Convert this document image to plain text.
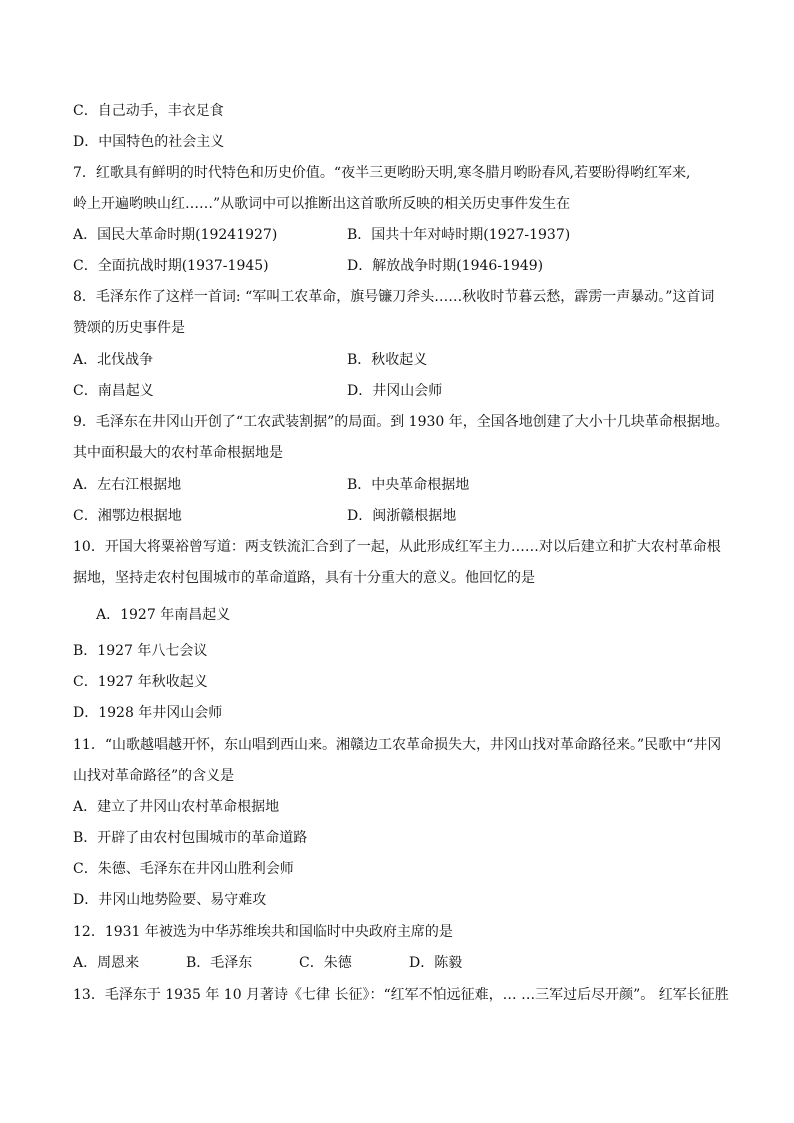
C．自己动手，丰衣足食
D．中国特色的社会主义
7．红歌具有鲜明的时代特色和历史价值。“夜半三更哟盼天明,寒冬腊月哟盼春风,若要盼得哟红军来,
岭上开遍哟映山红……”从歌词中可以推断出这首歌所反映的相关历史事件发生在
A．国民大革命时期(19241927)	B．国共十年对峙时期(1927-1937)
C．全面抗战时期(1937-1945)	D．解放战争时期(1946-1949)
8．毛泽东作了这样一首词: “军叫工农革命，旗号镰刀斧头……秋收时节暮云愁，霹雳一声暴动。”这首词
赞颂的历史事件是
A．北伐战争	B．秋收起义
C．南昌起义	D．井冈山会师
9．毛泽东在井冈山开创了“工农武装割据”的局面。到 1930 年，全国各地创建了大小十几块革命根据地。
其中面积最大的农村革命根据地是
A．左右江根据地	B．中央革命根据地
C．湘鄂边根据地	D．闽浙赣根据地
10．开国大将粟裕曾写道：两支铁流汇合到了一起，从此形成红军主力……对以后建立和扩大农村革命根
据地，坚持走农村包围城市的革命道路，具有十分重大的意义。他回忆的是
A．1927 年南昌起义
B．1927 年八七会议
C．1927 年秋收起义
D．1928 年井冈山会师
11．“山歌越唱越开怀，东山唱到西山来。湘赣边工农革命损失大，井冈山找对革命路径来。”民歌中“井冈
山找对革命路径”的含义是
A．建立了井冈山农村革命根据地
B．开辟了由农村包围城市的革命道路
C．朱德、毛泽东在井冈山胜利会师
D．井冈山地势险要、易守难攻
12．1931 年被选为中华苏维埃共和国临时中央政府主席的是
A．周恩来	B．毛泽东	C．朱德	D．陈毅
13．毛泽东于 1935 年 10 月著诗《七律 长征》：“红军不怕远征难，… …三军过后尽开颜”。 红军长征胜
